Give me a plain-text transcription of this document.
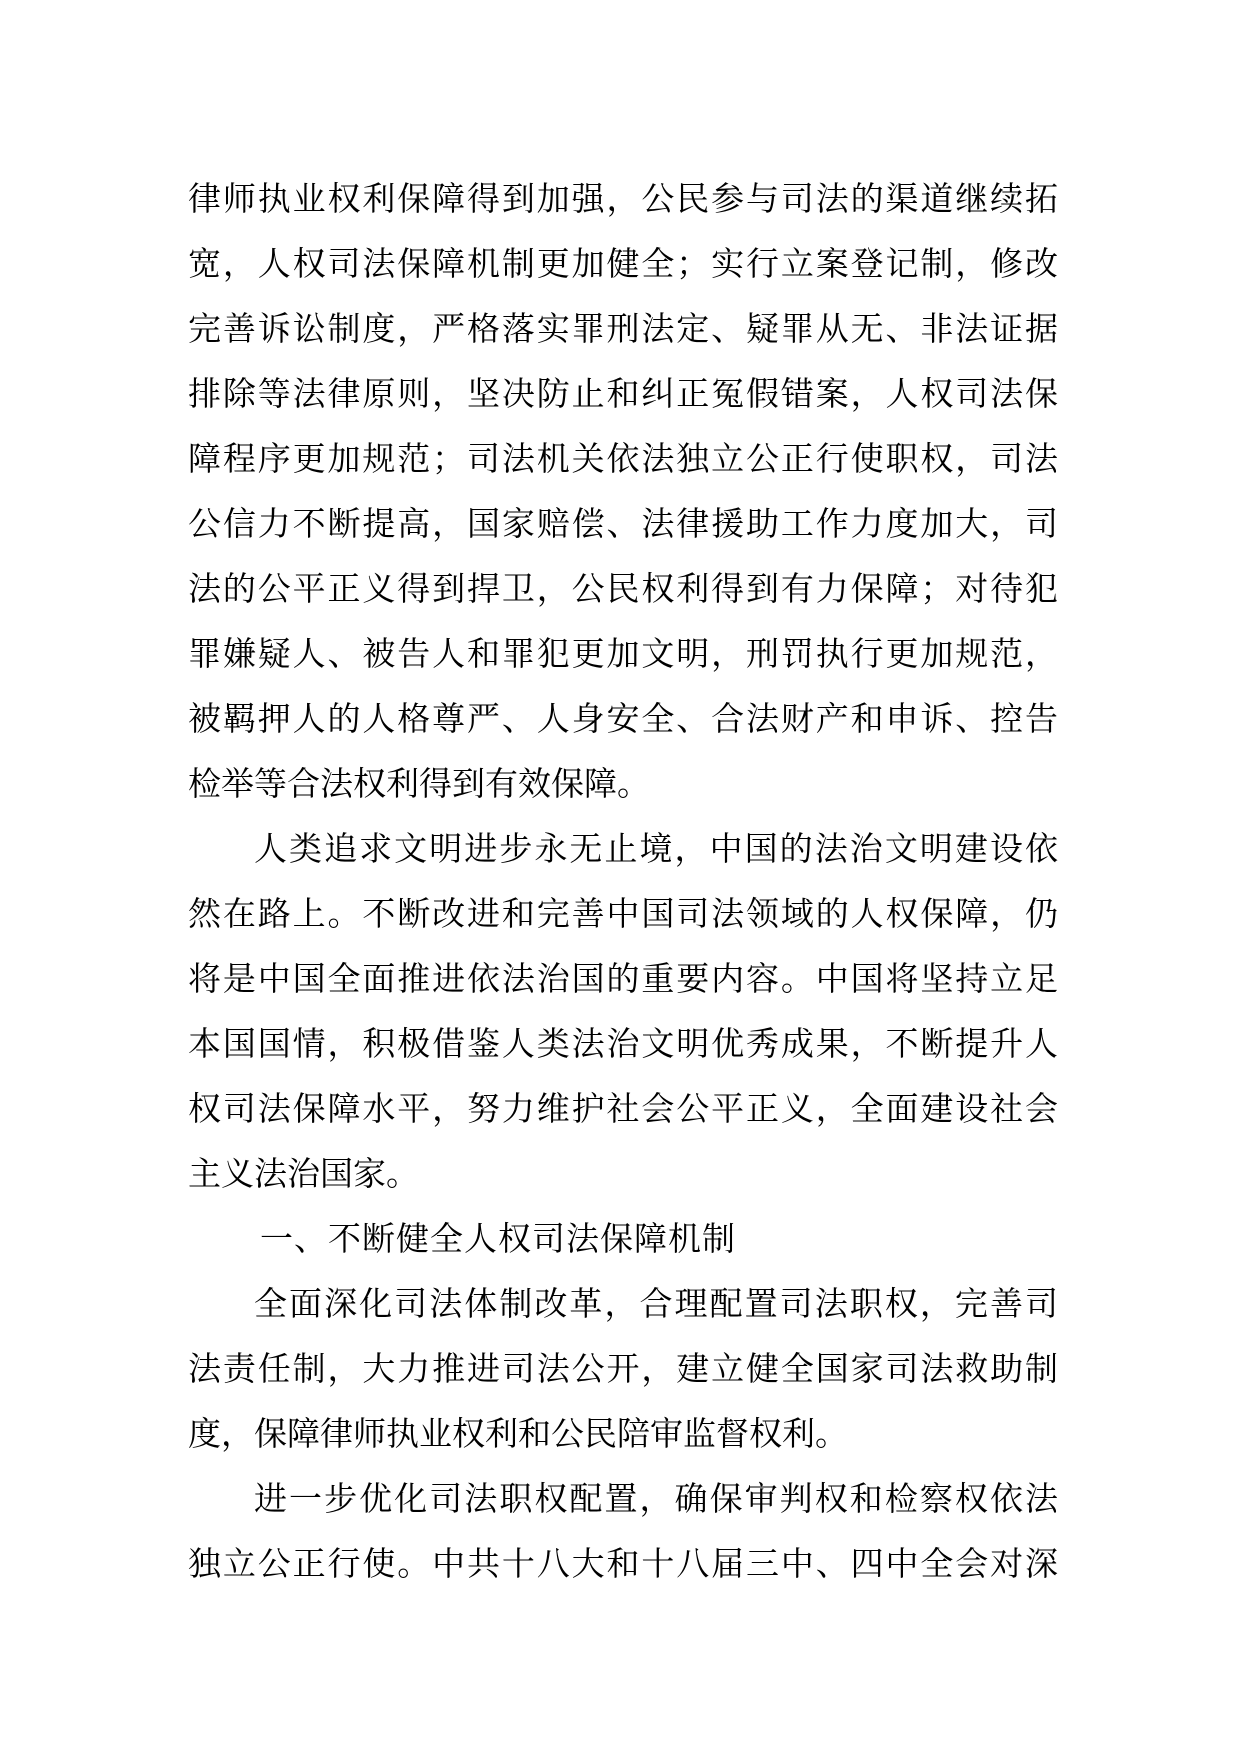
律师执业权利保障得到加强，公民参与司法的渠道继续拓
宽，人权司法保障机制更加健全；实行立案登记制，修改
完善诉讼制度，严格落实罪刑法定、疑罪从无、非法证据
排除等法律原则，坚决防止和纠正冤假错案，人权司法保
障程序更加规范；司法机关依法独立公正行使职权，司法
公信力不断提高，国家赔偿、法律援助工作力度加大，司
法的公平正义得到捍卫，公民权利得到有力保障；对待犯
罪嫌疑人、被告人和罪犯更加文明，刑罚执行更加规范，
被羁押人的人格尊严、人身安全、合法财产和申诉、控告
检举等合法权利得到有效保障。
人类追求文明进步永无止境，中国的法治文明建设依
然在路上。不断改进和完善中国司法领域的人权保障，仍
将是中国全面推进依法治国的重要内容。中国将坚持立足
本国国情，积极借鉴人类法治文明优秀成果，不断提升人
权司法保障水平，努力维护社会公平正义，全面建设社会
主义法治国家。
一、不断健全人权司法保障机制
全面深化司法体制改革，合理配置司法职权，完善司
法责任制，大力推进司法公开，建立健全国家司法救助制
度，保障律师执业权利和公民陪审监督权利。
进一步优化司法职权配置，确保审判权和检察权依法
独立公正行使。中共十八大和十八届三中、四中全会对深
